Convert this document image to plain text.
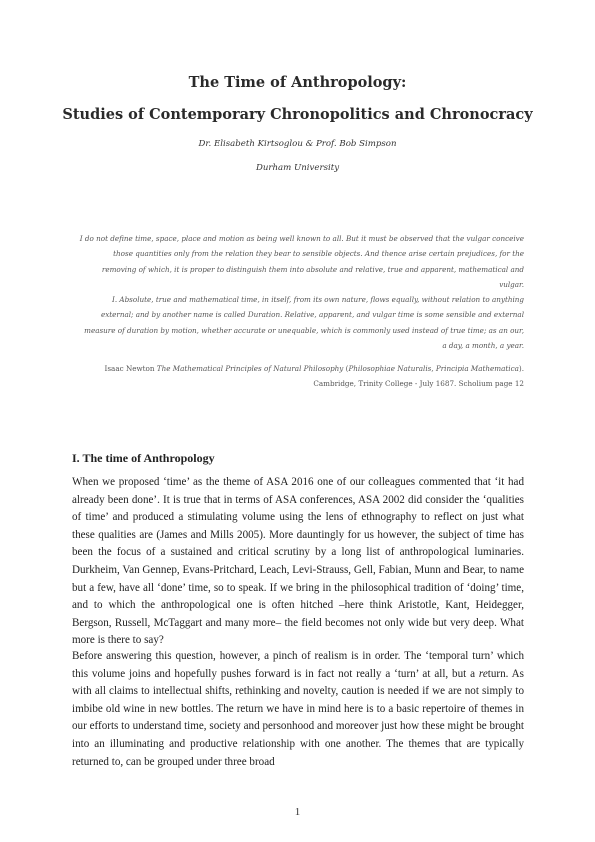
The Time of Anthropology:
Studies of Contemporary Chronopolitics and Chronocracy
Dr. Elisabeth Kirtsoglou & Prof. Bob Simpson
Durham University
I do not define time, space, place and motion as being well known to all. But it must be observed that the vulgar conceive those quantities only from the relation they bear to sensible objects. And thence arise certain prejudices, for the removing of which, it is proper to distinguish them into absolute and relative, true and apparent, mathematical and vulgar.
I. Absolute, true and mathematical time, in itself, from its own nature, flows equally, without relation to anything external; and by another name is called Duration. Relative, apparent, and vulgar time is some sensible and external measure of duration by motion, whether accurate or unequable, which is commonly used instead of true time; as an our, a day, a month, a year.
Isaac Newton The Mathematical Principles of Natural Philosophy (Philosophiae Naturalis, Principia Mathematica). Cambridge, Trinity College - July 1687. Scholium page 12
I. The time of Anthropology

When we proposed ‘time’ as the theme of ASA 2016 one of our colleagues commented that ‘it had already been done’. It is true that in terms of ASA conferences, ASA 2002 did consider the ‘qualities of time’ and produced a stimulating volume using the lens of ethnography to reflect on just what these qualities are (James and Mills 2005). More dauntingly for us however, the subject of time has been the focus of a sustained and critical scrutiny by a long list of anthropological luminaries. Durkheim, Van Gennep, Evans-Pritchard, Leach, Levi-Strauss, Gell, Fabian, Munn and Bear, to name but a few, have all ‘done’ time, so to speak. If we bring in the philosophical tradition of ‘doing’ time, and to which the anthropological one is often hitched –here think Aristotle, Kant, Heidegger, Bergson, Russell, McTaggart and many more– the field becomes not only wide but very deep. What more is there to say?

Before answering this question, however, a pinch of realism is in order. The ‘temporal turn’ which this volume joins and hopefully pushes forward is in fact not really a ‘turn’ at all, but a return. As with all claims to intellectual shifts, rethinking and novelty, caution is needed if we are not simply to imbibe old wine in new bottles. The return we have in mind here is to a basic repertoire of themes in our efforts to understand time, society and personhood and moreover just how these might be brought into an illuminating and productive relationship with one another. The themes that are typically returned to, can be grouped under three broad

1
